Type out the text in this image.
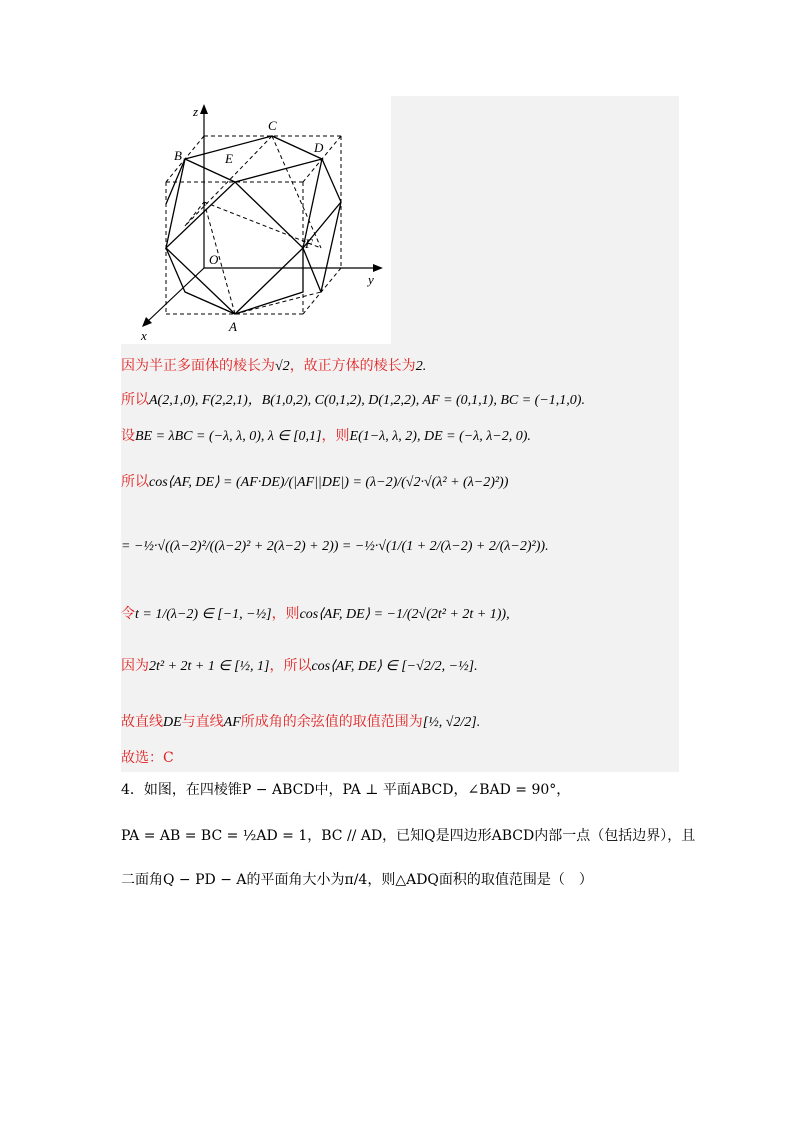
z
y
x
O
A
B
C
D
E
F
因为半正多面体的棱长为√2，故正方体的棱长为2.
所以A(2,1,0), F(2,2,1)，B(1,0,2), C(0,1,2), D(1,2,2), AF = (0,1,1), BC = (−1,1,0).
设BE = λBC = (−λ, λ, 0), λ ∈ [0,1]，则E(1−λ, λ, 2), DE = (−λ, λ−2, 0).
所以cos⟨AF, DE⟩ = (AF·DE)/(|AF||DE|) = (λ−2)/(√2·√(λ² + (λ−2)²))
= −½·√((λ−2)²/((λ−2)² + 2(λ−2) + 2)) = −½·√(1/(1 + 2/(λ−2) + 2/(λ−2)²)).
令t = 1/(λ−2) ∈ [−1, −½]，则cos⟨AF, DE⟩ = −1/(2√(2t² + 2t + 1)),
因为2t² + 2t + 1 ∈ [½, 1]，所以cos⟨AF, DE⟩ ∈ [−√2/2, −½].
故直线DE与直线AF所成角的余弦值的取值范围为[½, √2/2].
故选：C
4．如图，在四棱锥P − ABCD中，PA ⊥ 平面ABCD，∠BAD = 90°，
PA = AB = BC = ½AD = 1，BC // AD，已知Q是四边形ABCD内部一点（包括边界），且
二面角Q − PD − A的平面角大小为π/4，则△ADQ面积的取值范围是（　）
